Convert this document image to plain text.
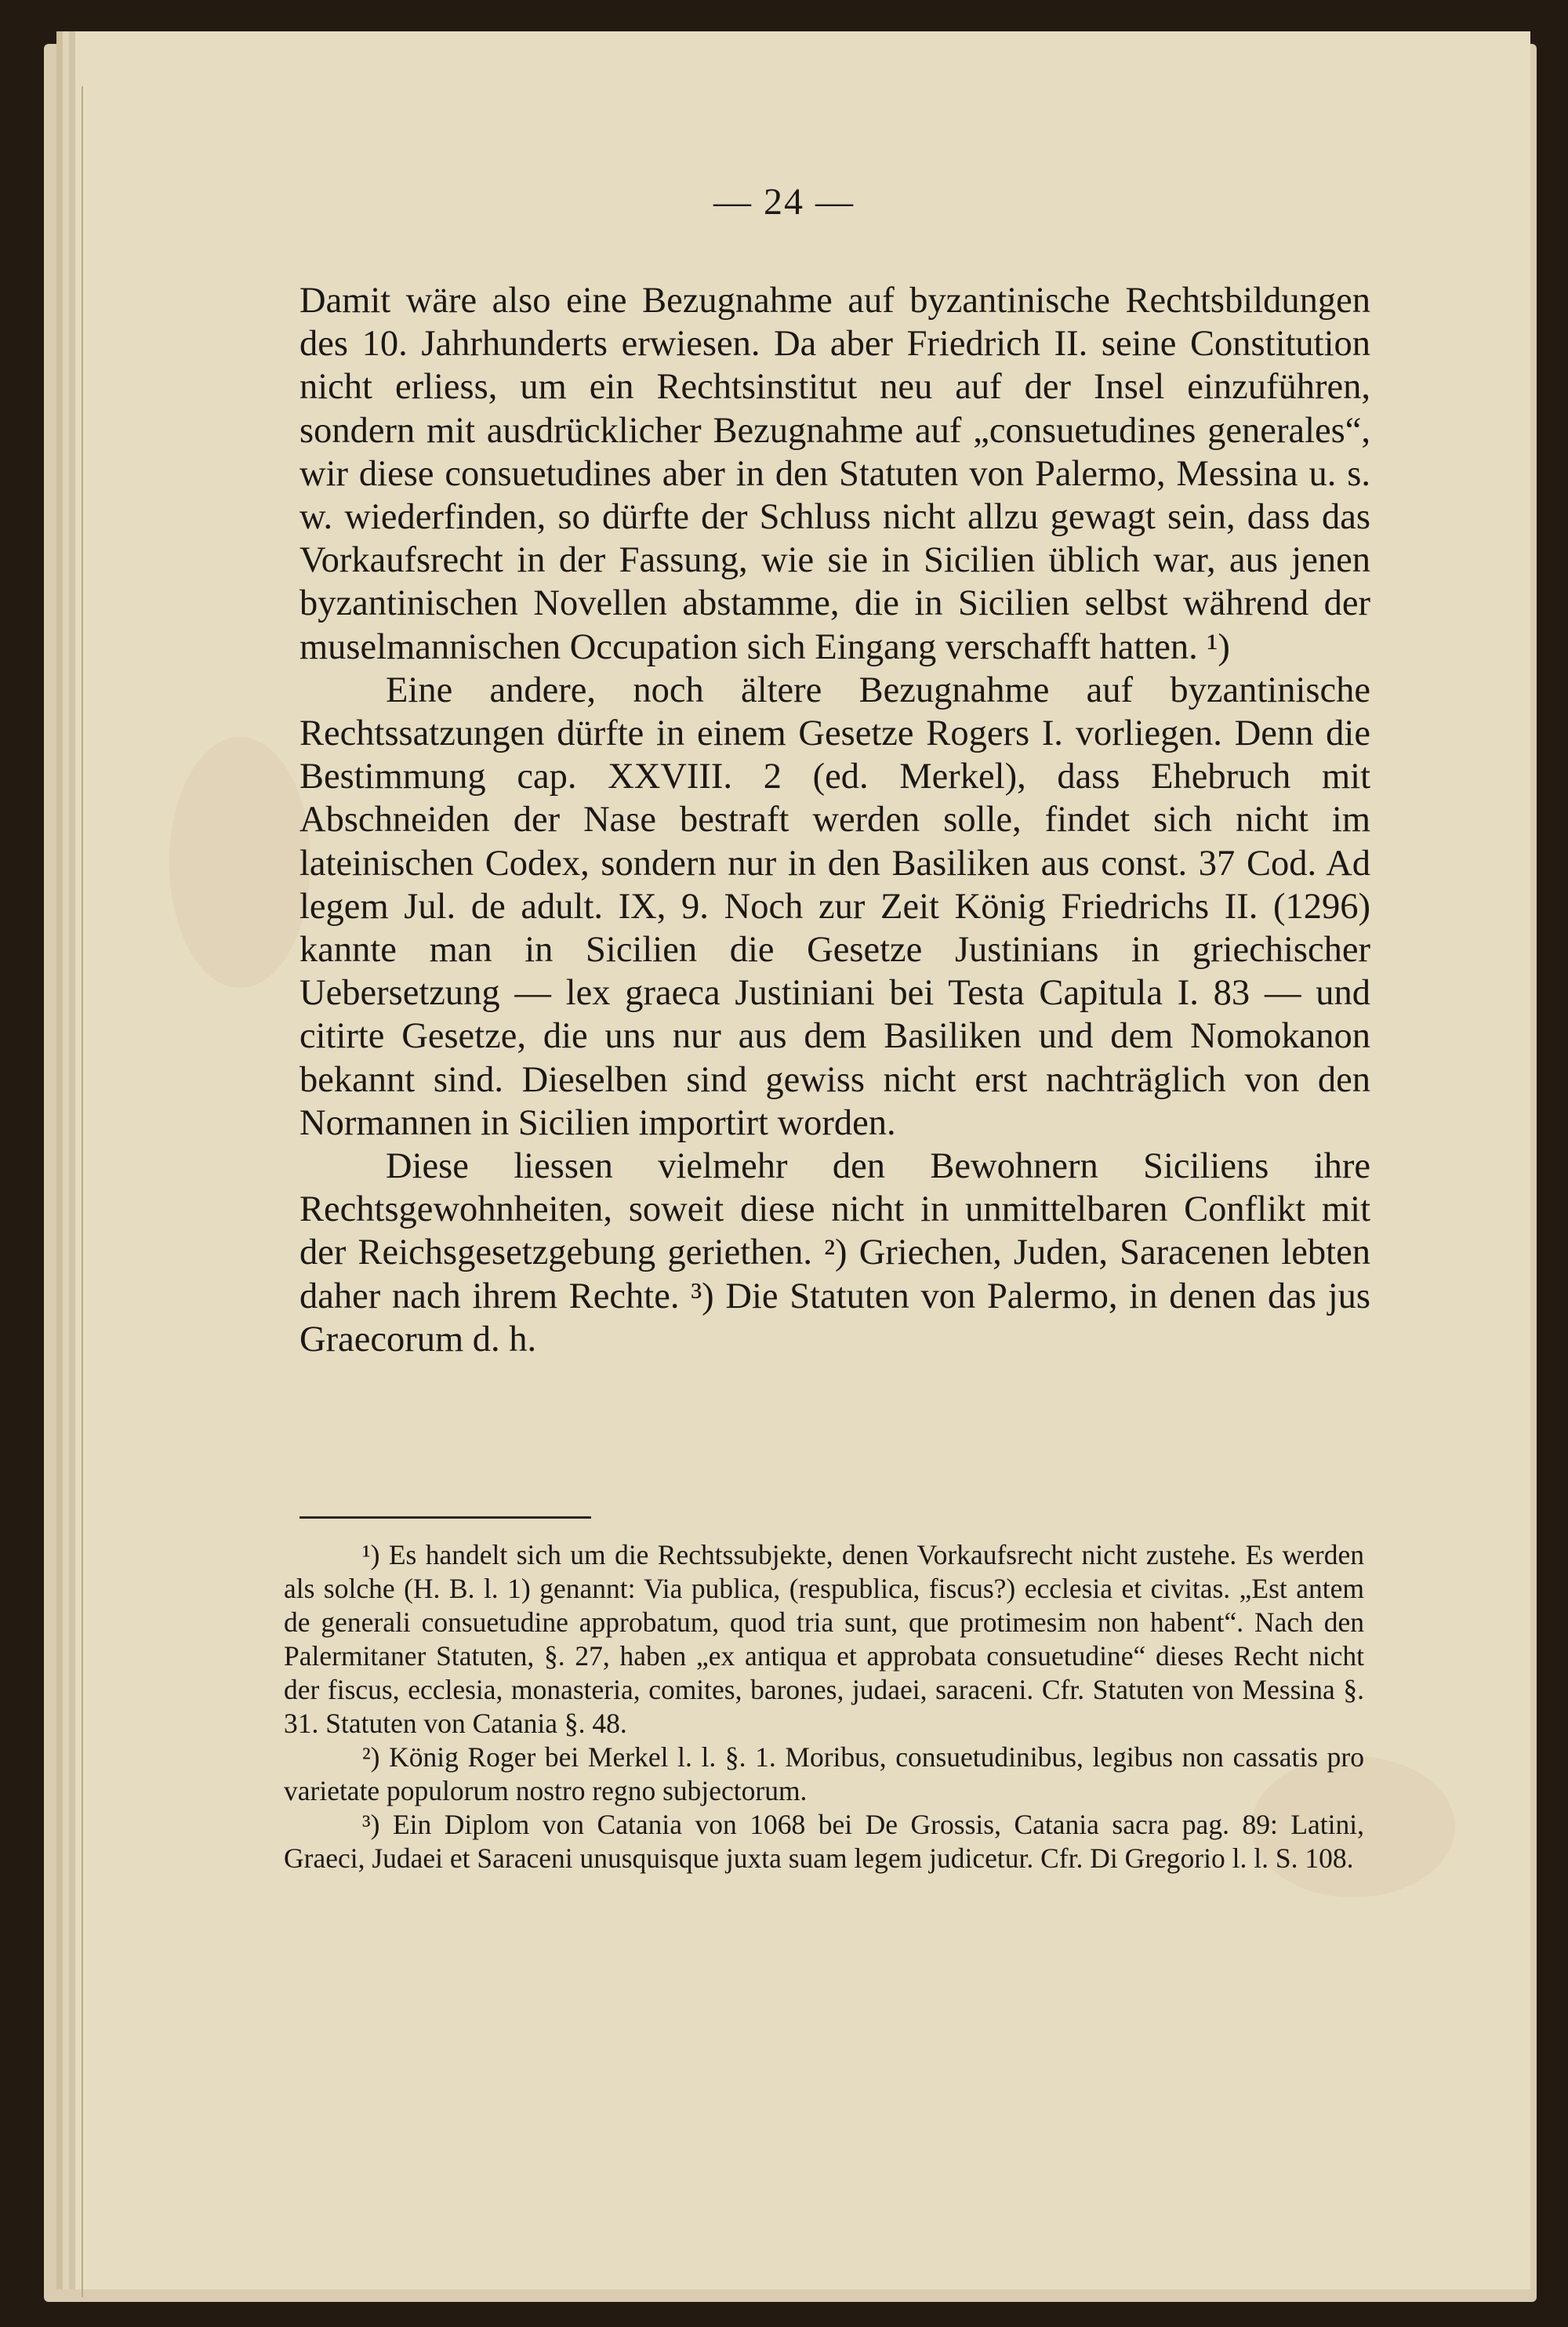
— 24 —

Damit wäre also eine Bezugnahme auf byzantinische Rechtsbildungen des 10. Jahrhunderts erwiesen. Da aber Friedrich II. seine Constitution nicht erliess, um ein Rechtsinstitut neu auf der Insel einzuführen, sondern mit ausdrücklicher Bezugnahme auf „consuetudines generales“, wir diese consuetudines aber in den Statuten von Palermo, Messina u. s. w. wiederfinden, so dürfte der Schluss nicht allzu gewagt sein, dass das Vorkaufsrecht in der Fassung, wie sie in Sicilien üblich war, aus jenen byzantinischen Novellen abstamme, die in Sicilien selbst während der muselmannischen Occupation sich Eingang verschafft hatten. ¹)

Eine andere, noch ältere Bezugnahme auf byzantinische Rechtssatzungen dürfte in einem Gesetze Rogers I. vorliegen. Denn die Bestimmung cap. XXVIII. 2 (ed. Merkel), dass Ehebruch mit Abschneiden der Nase bestraft werden solle, findet sich nicht im lateinischen Codex, sondern nur in den Basiliken aus const. 37 Cod. Ad legem Jul. de adult. IX, 9. Noch zur Zeit König Friedrichs II. (1296) kannte man in Sicilien die Gesetze Justinians in griechischer Uebersetzung — lex graeca Justiniani bei Testa Capitula I. 83 — und citirte Gesetze, die uns nur aus dem Basiliken und dem Nomokanon bekannt sind. Dieselben sind gewiss nicht erst nachträglich von den Normannen in Sicilien importirt worden.

Diese liessen vielmehr den Bewohnern Siciliens ihre Rechtsgewohnheiten, soweit diese nicht in unmittelbaren Conflikt mit der Reichsgesetzgebung geriethen. ²) Griechen, Juden, Saracenen lebten daher nach ihrem Rechte. ³) Die Statuten von Palermo, in denen das jus Graecorum d. h.

¹) Es handelt sich um die Rechtssubjekte, denen Vorkaufsrecht nicht zustehe. Es werden als solche (H. B. l. 1) genannt: Via publica, (respublica, fiscus?) ecclesia et civitas. „Est antem de generali consuetudine approbatum, quod tria sunt, que protimesim non habent“. Nach den Palermitaner Statuten, §. 27, haben „ex antiqua et approbata consuetudine“ dieses Recht nicht der fiscus, ecclesia, monasteria, comites, barones, judaei, saraceni. Cfr. Statuten von Messina §. 31. Statuten von Catania §. 48.

²) König Roger bei Merkel l. l. §. 1. Moribus, consuetudinibus, legibus non cassatis pro varietate populorum nostro regno subjectorum.

³) Ein Diplom von Catania von 1068 bei De Grossis, Catania sacra pag. 89: Latini, Graeci, Judaei et Saraceni unusquisque juxta suam legem judicetur. Cfr. Di Gregorio l. l. S. 108.
